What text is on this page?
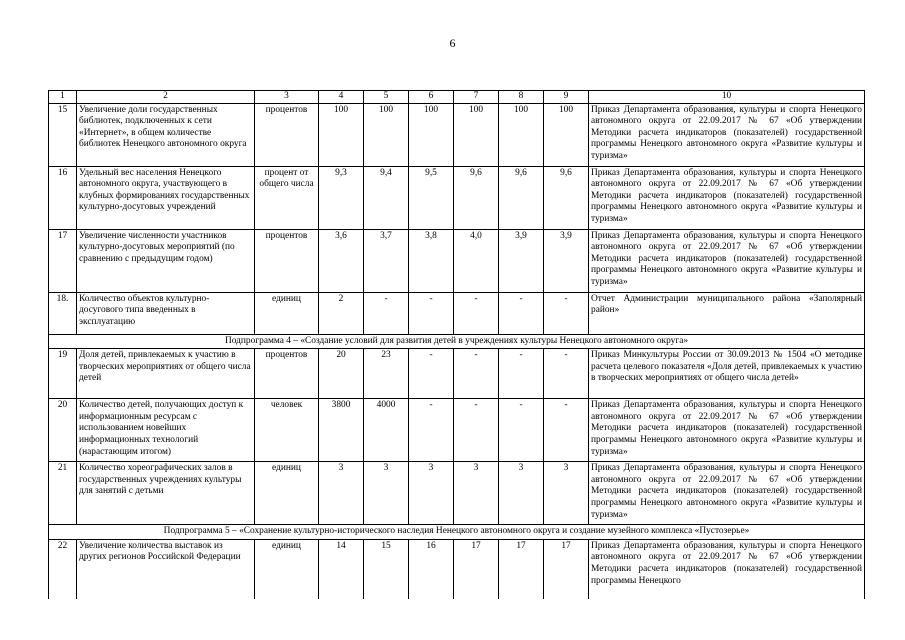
6
1	2	3	4	5	6	7	8	9	10
15	Увеличение доли государственных библиотек, подключенных к сети «Интернет», в общем количестве библиотек Ненецкого автономного округа	процентов	100	100	100	100	100	100	Приказ Департамента образования, культуры и спорта Ненецкого автономного округа от 22.09.2017 № 67 «Об утверждении Методики расчета индикаторов (показателей) государственной программы Ненецкого автономного округа «Развитие культуры и туризма»
16	Удельный вес населения Ненецкого автономного округа, участвующего в клубных формированиях государственных культурно-досуговых учреждений	процент от общего числа	9,3	9,4	9,5	9,6	9,6	9,6	Приказ Департамента образования, культуры и спорта Ненецкого автономного округа от 22.09.2017 № 67 «Об утверждении Методики расчета индикаторов (показателей) государственной программы Ненецкого автономного округа «Развитие культуры и туризма»
17	Увеличение численности участников культурно-досуговых мероприятий (по сравнению с предыдущим годом)	процентов	3,6	3,7	3,8	4,0	3,9	3,9	Приказ Департамента образования, культуры и спорта Ненецкого автономного округа от 22.09.2017 № 67 «Об утверждении Методики расчета индикаторов (показателей) государственной программы Ненецкого автономного округа «Развитие культуры и туризма»
18.	Количество объектов культурно-досугового типа введенных в эксплуатацию	единиц	2	-	-	-	-	-	Отчет Администрации муниципального района «Заполярный район»
Подпрограмма 4 – «Создание условий для развития детей в учреждениях культуры Ненецкого автономного округа»									
19	Доля детей, привлекаемых к участию в творческих мероприятиях от общего числа детей	процентов	20	23	-	-	-	-	Приказ Минкультуры России от 30.09.2013 № 1504 «О методике расчета целевого показателя «Доля детей, привлекаемых к участию в творческих мероприятиях от общего числа детей»
20	Количество детей, получающих доступ к информационным ресурсам с использованием новейших информационных технологий (нарастающим итогом)	человек	3800	4000	-	-	-	-	Приказ Департамента образования, культуры и спорта Ненецкого автономного округа от 22.09.2017 № 67 «Об утверждении Методики расчета индикаторов (показателей) государственной программы Ненецкого автономного округа «Развитие культуры и туризма»
21	Количество хореографических залов в государственных учреждениях культуры для занятий с детьми	единиц	3	3	3	3	3	3	Приказ Департамента образования, культуры и спорта Ненецкого автономного округа от 22.09.2017 № 67 «Об утверждении Методики расчета индикаторов (показателей) государственной программы Ненецкого автономного округа «Развитие культуры и туризма»
Подпрограмма 5 – «Сохранение культурно-исторического наследия Ненецкого автономного округа и создание музейного комплекса «Пустозерье»									
22	Увеличение количества выставок из других регионов Российской Федерации	единиц	14	15	16	17	17	17	Приказ Департамента образования, культуры и спорта Ненецкого автономного округа от 22.09.2017 № 67 «Об утверждении Методики расчета индикаторов (показателей) государственной программы Ненецкого
